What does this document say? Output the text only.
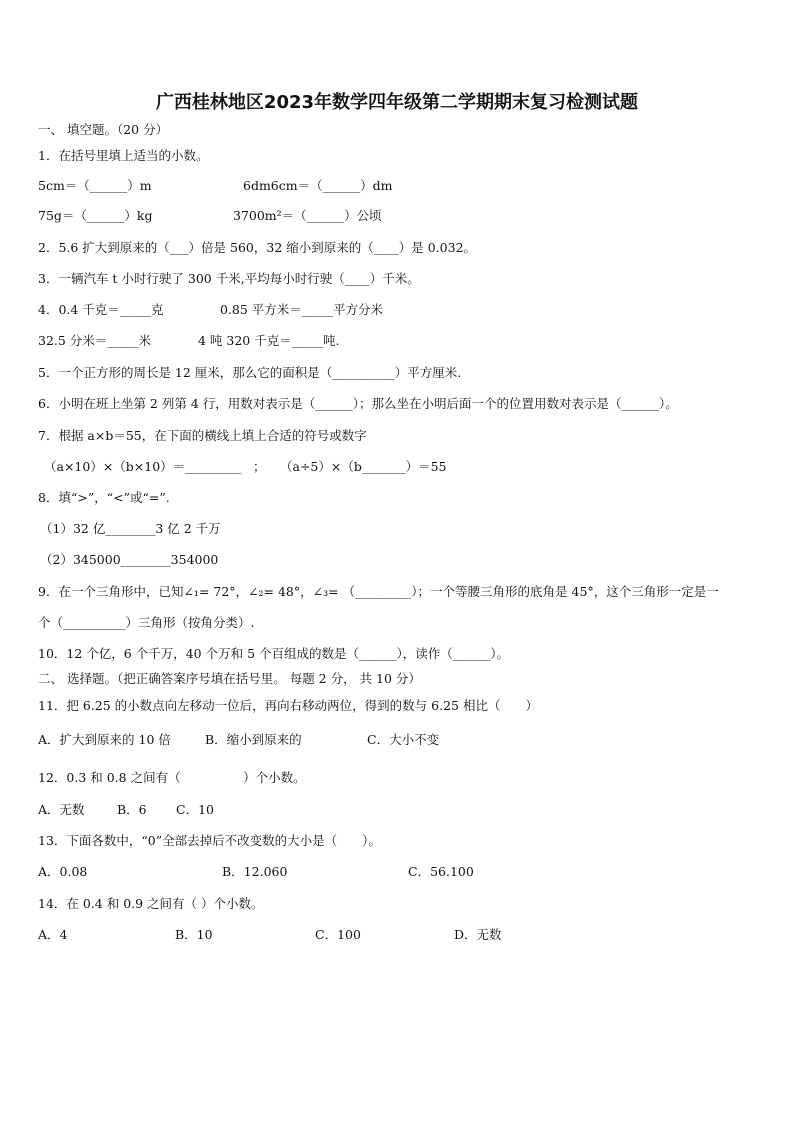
广西桂林地区2023年数学四年级第二学期期末复习检测试题
一、 填空题。（20 分）
1．在括号里填上适当的小数。
5cm＝（______）m	6dm6cm＝（______）dm
75g＝（______）kg	3700m²＝（______）公顷
2．5.6 扩大到原来的（___）倍是 560，32 缩小到原来的（____）是 0.032。
3．一辆汽车 t 小时行驶了 300 千米,平均每小时行驶（____）千米。
4．0.4 千克＝_____克	0.85 平方米＝_____平方分米
32.5 分米＝_____米	4 吨 320 千克＝_____吨.
5．一个正方形的周长是 12 厘米，那么它的面积是（__________）平方厘米.
6．小明在班上坐第 2 列第 4 行，用数对表示是（______）；那么坐在小明后面一个的位置用数对表示是（______）。
7．根据 a×b＝55，在下面的横线上填上合适的符号或数字
（a×10）×（b×10）＝_________ ； （a÷5）×（b_______）＝55
8．填“>”，“<”或“=”.
（1）32 亿________3 亿 2 千万
（2）345000________354000
9．在一个三角形中，已知∠₁= 72°，∠₂= 48°，∠₃= （_________）；一个等腰三角形的底角是 45°，这个三角形一定是一
个（__________）三角形（按角分类）.
10．12 个亿，6 个千万，40 个万和 5 个百组成的数是（______），读作（______）。
二、 选择题。（把正确答案序号填在括号里。 每题 2 分， 共 10 分）
11．把 6.25 的小数点向左移动一位后，再向右移动两位，得到的数与 6.25 相比（　　）
A．扩大到原来的 10 倍	B．缩小到原来的	C．大小不变
12．0.3 和 0.8 之间有（　　　　　）个小数。
A．无数	B．6 C．10
13．下面各数中，“0”全部去掉后不改变数的大小是（　　）。
A．0.08	B．12.060	C．56.100
14．在 0.4 和 0.9 之间有（ ）个小数。
A．4	B．10	C．100	D．无数
